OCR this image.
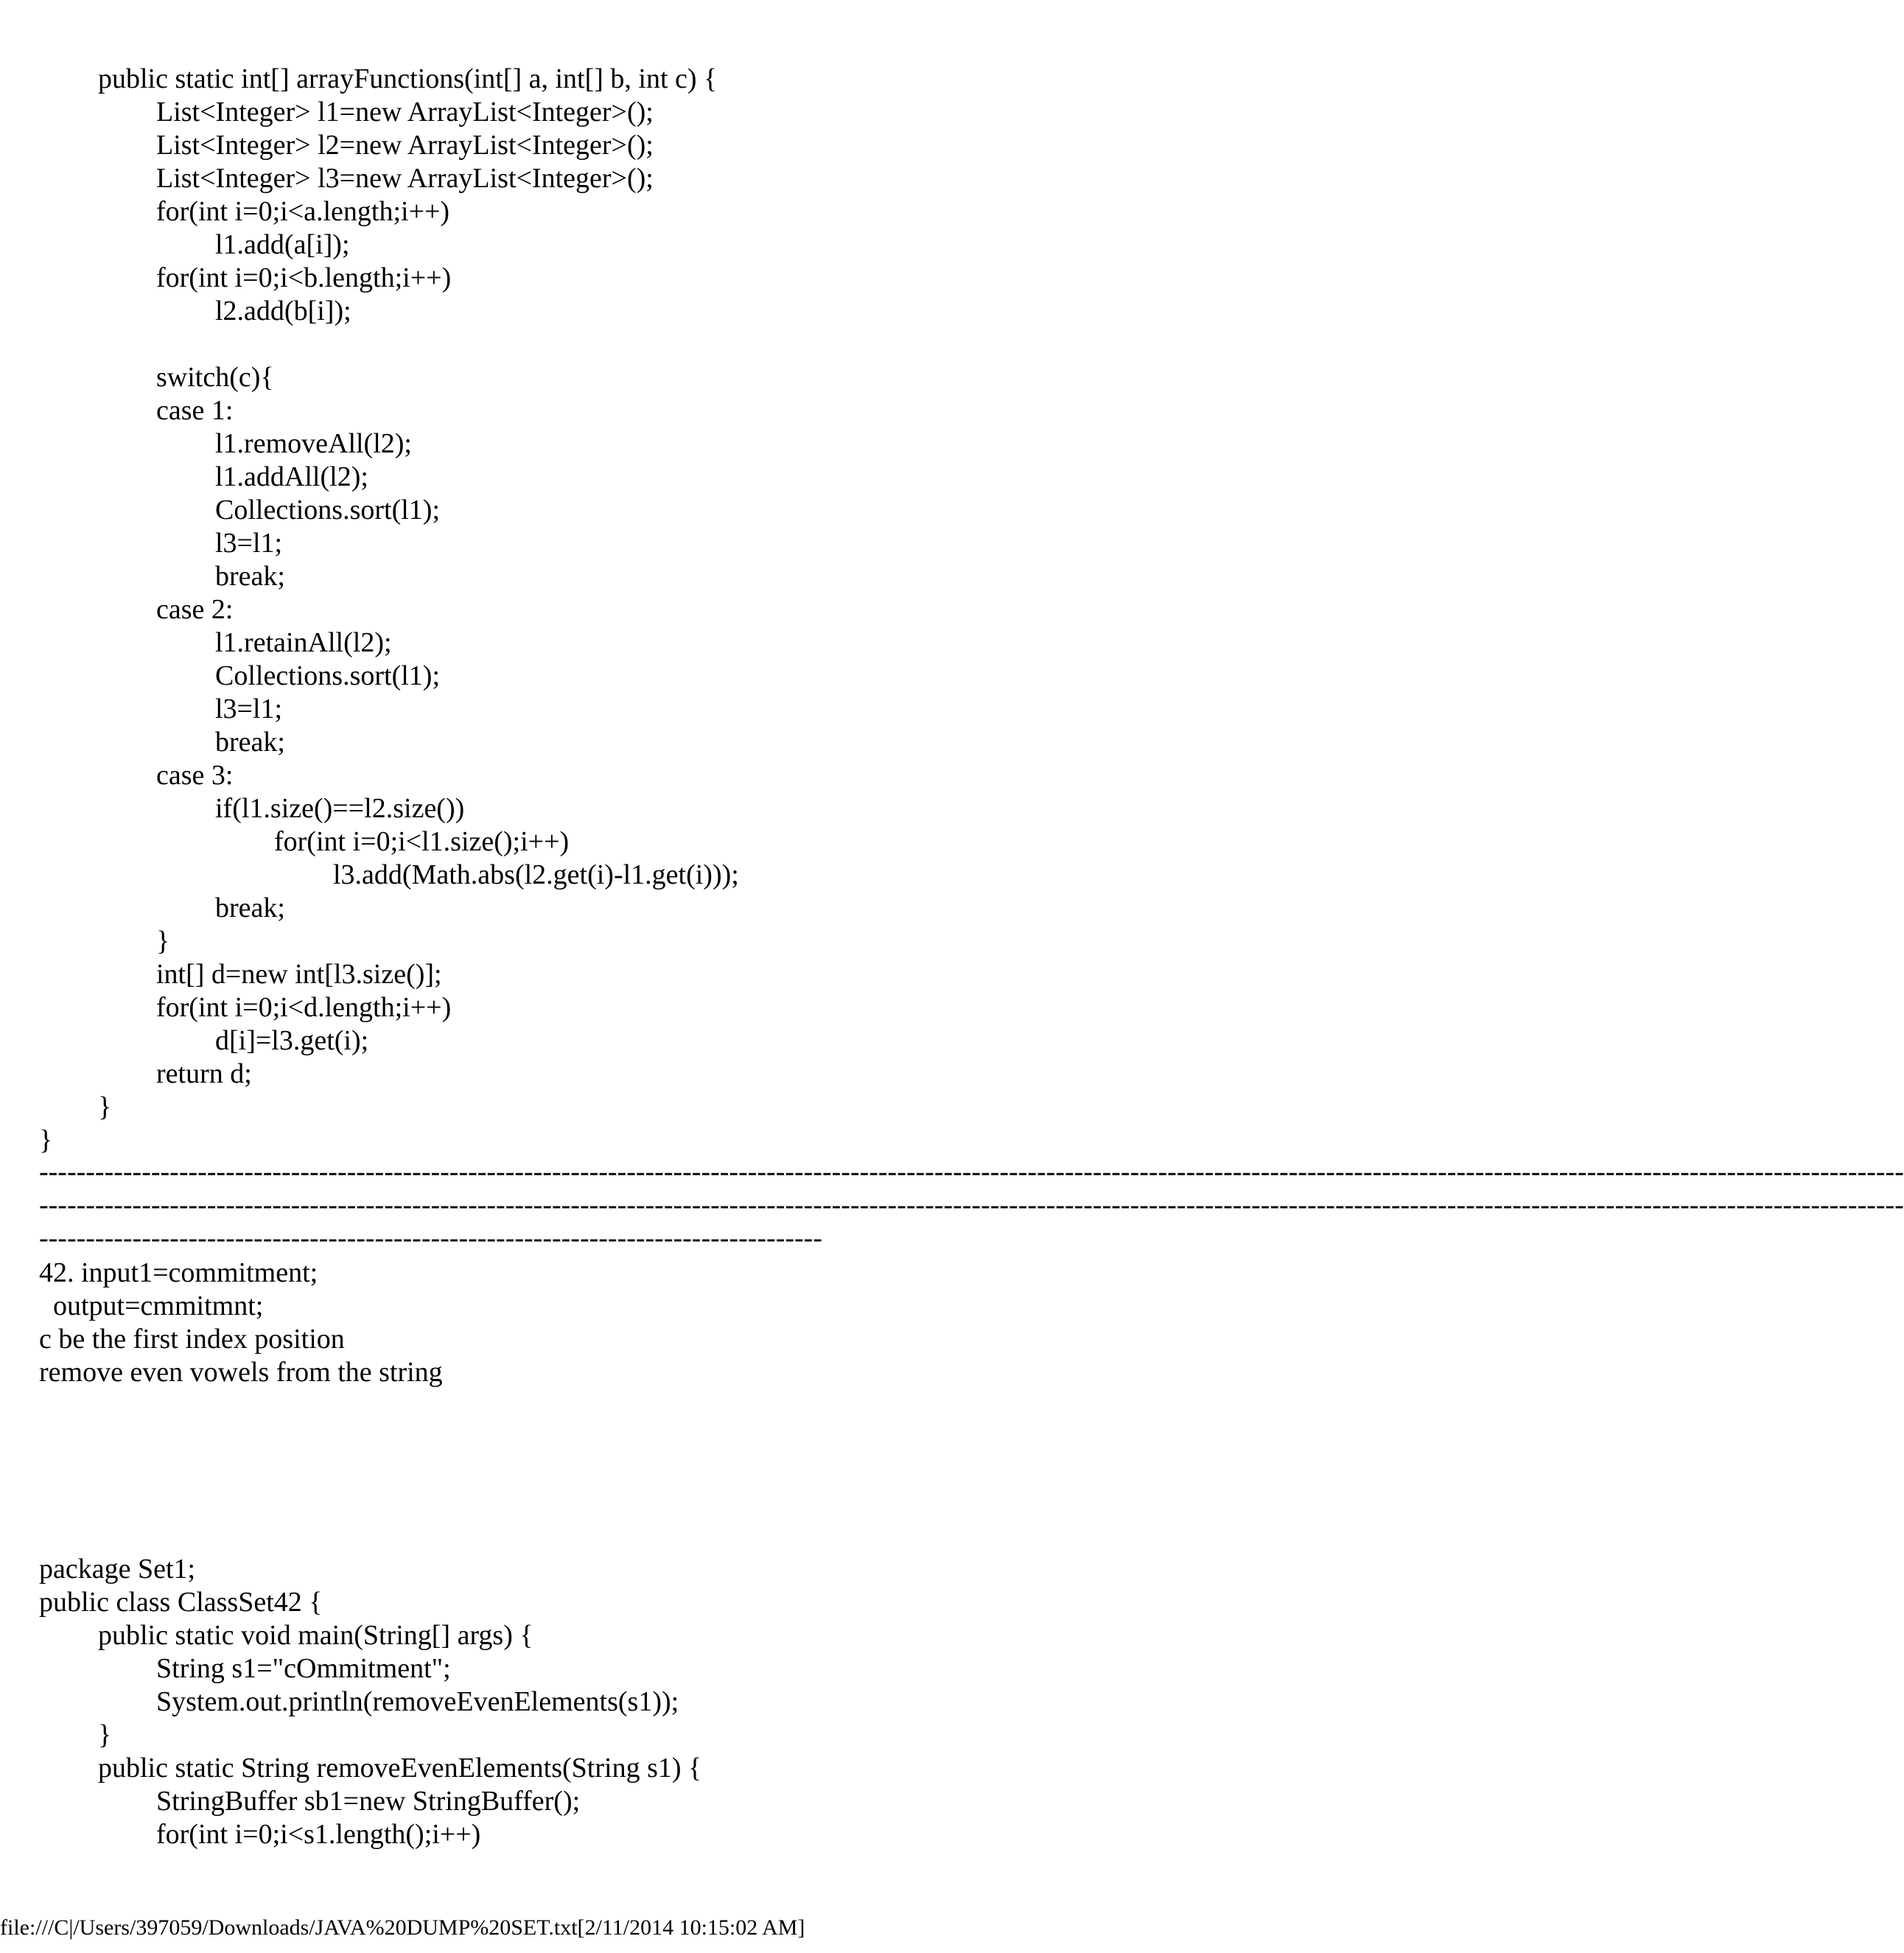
public static int[] arrayFunctions(int[] a, int[] b, int c) {
List<Integer> l1=new ArrayList<Integer>();
List<Integer> l2=new ArrayList<Integer>();
List<Integer> l3=new ArrayList<Integer>();
for(int i=0;i<a.length;i++)
l1.add(a[i]);
for(int i=0;i<b.length;i++)
l2.add(b[i]);
switch(c){
case 1:
l1.removeAll(l2);
l1.addAll(l2);
Collections.sort(l1);
l3=l1;
break;
case 2:
l1.retainAll(l2);
Collections.sort(l1);
l3=l1;
break;
case 3:
if(l1.size()==l2.size())
for(int i=0;i<l1.size();i++)
l3.add(Math.abs(l2.get(i)-l1.get(i)));
break;
}
int[] d=new int[l3.size()];
for(int i=0;i<d.length;i++)
d[i]=l3.get(i);
return d;
}
}
--------------------------------------------------------------------------------------------------------------------------------------------------------------------------------------------------------
--------------------------------------------------------------------------------------------------------------------------------------------------------------------------------------------------------
------------------------------------------------------------------------------------
42. input1=commitment;
output=cmmitmnt;
c be the first index position
remove even vowels from the string
package Set1;
public class ClassSet42 {
public static void main(String[] args) {
String s1="cOmmitment";
System.out.println(removeEvenElements(s1));
}
public static String removeEvenElements(String s1) {
StringBuffer sb1=new StringBuffer();
for(int i=0;i<s1.length();i++)
file:///C|/Users/397059/Downloads/JAVA%20DUMP%20SET.txt[2/11/2014 10:15:02 AM]
